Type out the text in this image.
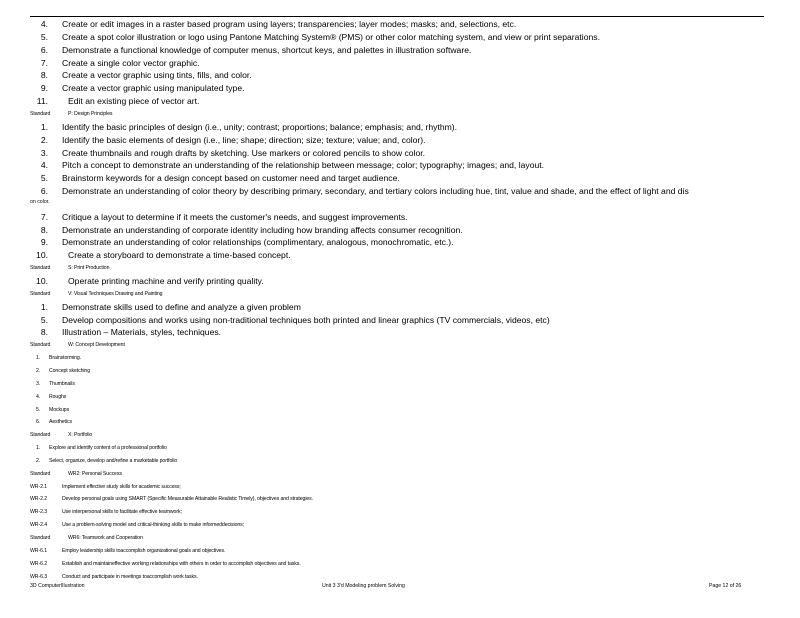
4. Create or edit images in a raster based program using layers; transparencies; layer modes; masks; and, selections, etc.
5. Create a spot color illustration or logo using Pantone Matching System® (PMS) or other color matching system, and view or print separations.
6. Demonstrate a functional knowledge of computer menus, shortcut keys, and palettes in illustration software.
7. Create a single color vector graphic.
8. Create a vector graphic using tints, fills, and color.
9. Create a vector graphic using manipulated type.
11. Edit an existing piece of vector art.
Standard	P: Design Principles
1. Identify the basic principles of design (i.e., unity; contrast; proportions; balance; emphasis; and, rhythm).
2. Identify the basic elements of design (i.e., line; shape; direction; size; texture; value; and, color).
3. Create thumbnails and rough drafts by sketching. Use markers or colored pencils to show color.
4. Pitch a concept to demonstrate an understanding of the relationship between message; color; typography; images; and, layout.
5. Brainstorm keywords for a design concept based on customer need and target audience.
6. Demonstrate an understanding of color theory by describing primary, secondary, and tertiary colors including hue, tint, value and shade, and the effect of light and dis
on color.
7. Critique a layout to determine if it meets the customer's needs, and suggest improvements.
8. Demonstrate an understanding of corporate identity including how branding affects consumer recognition.
9. Demonstrate an understanding of color relationships (complimentary, analogous, monochromatic, etc.).
10. Create a storyboard to demonstrate a time-based concept.
Standard	S: Print Production
10. Operate printing machine and verify printing quality.
Standard	V: Visual Techniques Drawing and Painting
1. Demonstrate skills used to define and analyze a given problem
5. Develop compositions and works using non-traditional techniques both printed and linear graphics (TV commercials, videos, etc)
8. Illustration – Materials, styles, techniques.
Standard	W: Concept Development
1. Brainstorming.
2. Concept sketching
3. Thumbnails
4. Roughs
5. Mockups
6. Aesthetics
Standard	X: Portfolio
1. Explore and identify content of a professional portfolio
2. Select, organize, develop and/refine a marketable portfolio
Standard	WR2: Personal Success
WR-2.1	Implement effective study skills for academic success;
WR-2.2	Develop personal goals using SMART (Specific Measurable Attainable Realistic Timely), objectives and strategies.
WR-2.3	Use interpersonal skills to facilitate effective teamwork;
WR-2.4	Use a problem-solving model and critical-thinking skills to make informeddecisions;
Standard	WR6: Teamwork and Cooperation
WR-6.1	Employ leadership skills toaccomplish organizational goals and objectives.
WR-6.2	Establish and maintaineffective working relationships with others in order to accomplish objectives and tasks.
WR-6.3	Conduct and participate in meetings toaccomplish work tasks.
3D ComputerIllustration	Unit 3 3'd Modeling problem Solving	Page 12 of 26
